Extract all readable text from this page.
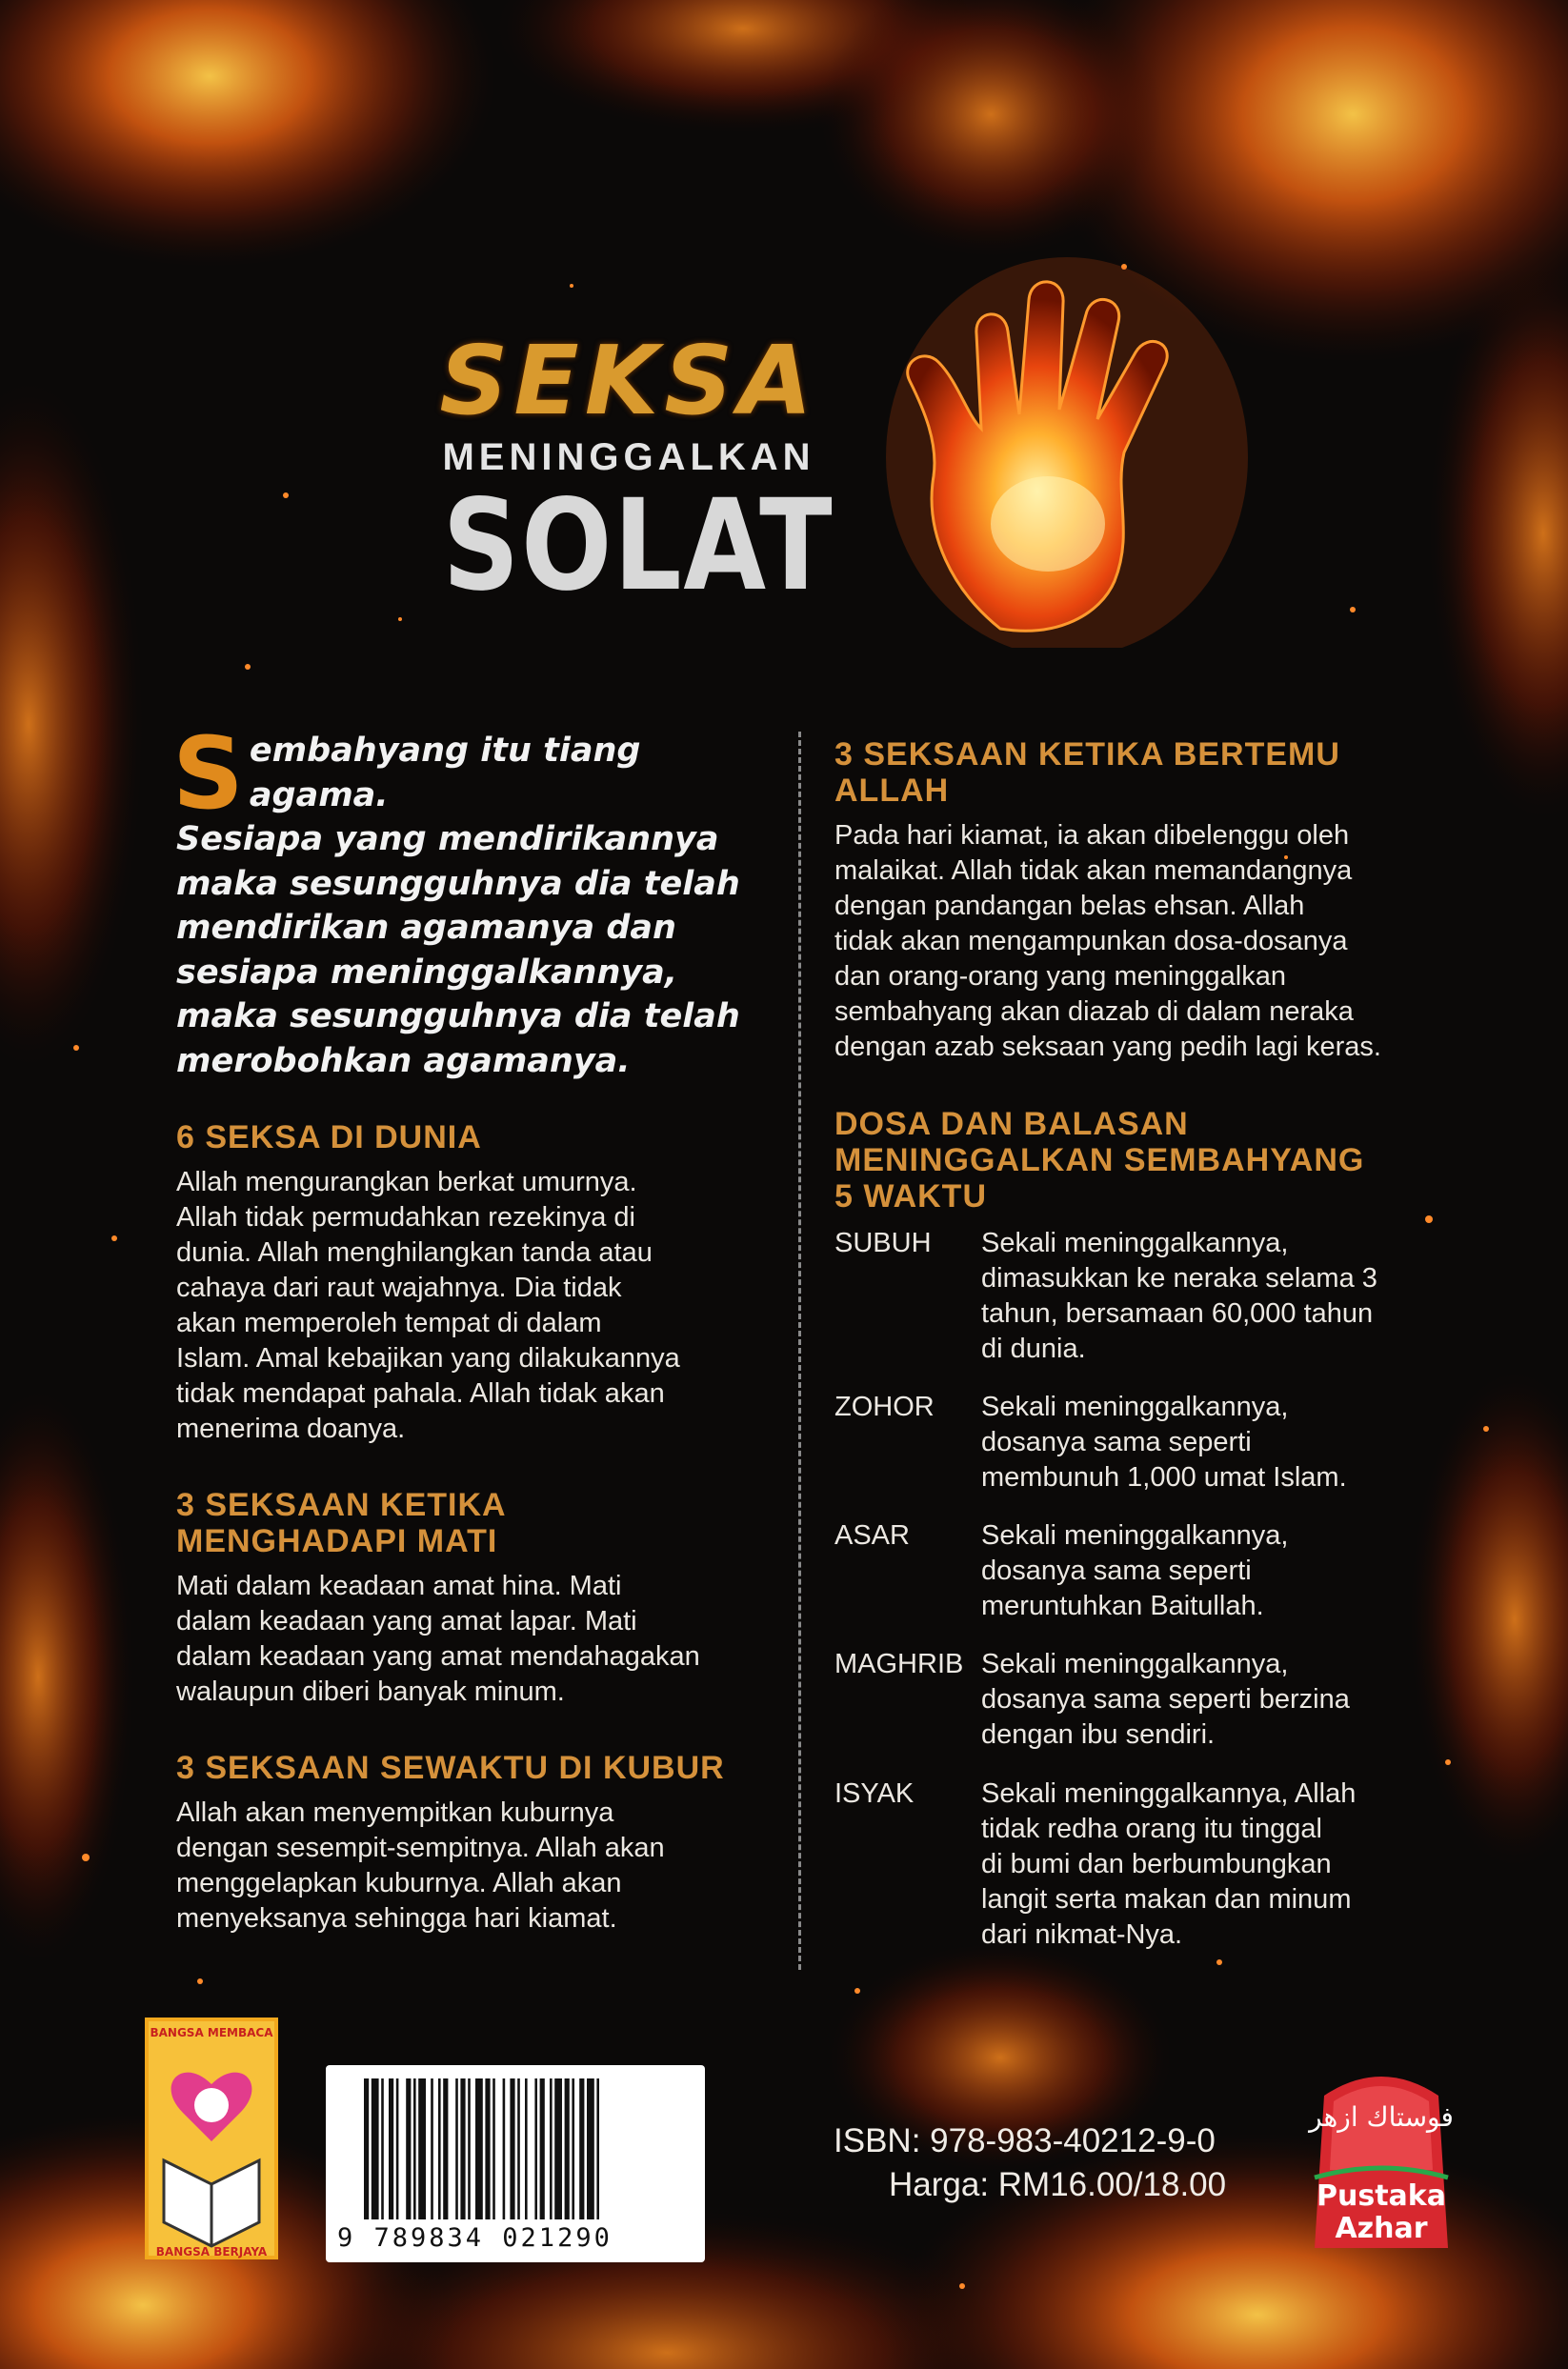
SEKSA
MENINGGALKAN
SOLAT
S embahyang itu tiang agama.
Sesiapa yang mendirikannya
maka sesungguhnya dia telah
mendirikan agamanya dan
sesiapa meninggalkannya,
maka sesungguhnya dia telah
merobohkan agamanya.
6 SEKSA DI DUNIA
Allah mengurangkan berkat umurnya.
Allah tidak permudahkan rezekinya di
dunia. Allah menghilangkan tanda atau
cahaya dari raut wajahnya. Dia tidak
akan memperoleh tempat di dalam
Islam. Amal kebajikan yang dilakukannya
tidak mendapat pahala. Allah tidak akan
menerima doanya.
3 SEKSAAN KETIKA
MENGHADAPI MATI
Mati dalam keadaan amat hina. Mati
dalam keadaan yang amat lapar. Mati
dalam keadaan yang amat mendahagakan
walaupun diberi banyak minum.
3 SEKSAAN SEWAKTU DI KUBUR
Allah akan menyempitkan kuburnya
dengan sesempit-sempitnya. Allah akan
menggelapkan kuburnya. Allah akan
menyeksanya sehingga hari kiamat.
3 SEKSAAN KETIKA BERTEMU
ALLAH
Pada hari kiamat, ia akan dibelenggu oleh
malaikat. Allah tidak akan memandangnya
dengan pandangan belas ehsan. Allah
tidak akan mengampunkan dosa-dosanya
dan orang-orang yang meninggalkan
sembahyang akan diazab di dalam neraka
dengan azab seksaan yang pedih lagi keras.
DOSA DAN BALASAN
MENINGGALKAN SEMBAHYANG
5 WAKTU
SUBUH Sekali meninggalkannya,
dimasukkan ke neraka selama 3
tahun, bersamaan 60,000 tahun
di dunia.
ZOHOR Sekali meninggalkannya,
dosanya sama seperti
membunuh 1,000 umat Islam.
ASAR	Sekali meninggalkannya,
dosanya sama seperti
meruntuhkan Baitullah.
MAGHRIB Sekali meninggalkannya,
dosanya sama seperti berzina
dengan ibu sendiri.
ISYAK Sekali meninggalkannya, Allah
tidak redha orang itu tinggal
di bumi dan berbumbungkan
langit serta makan dan minum
dari nikmat-Nya.
BANGSA MEMBACA
BANGSA BERJAYA	9 789834 021290
ISBN: 978-983-40212-9-0
Harga: RM16.00/18.00
فوستاك ازهر
Pustaka
Azhar
